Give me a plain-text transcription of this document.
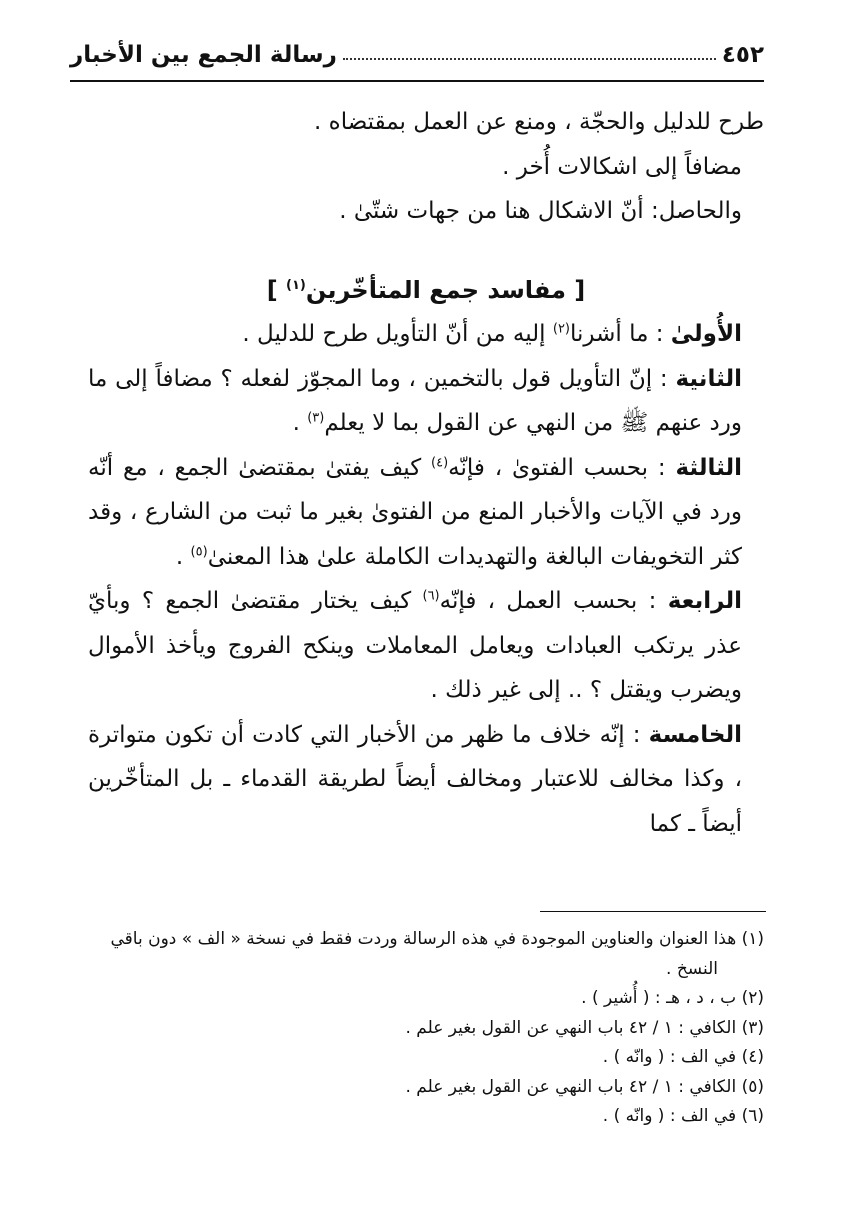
٤٥٢
رسالة الجمع بين الأخبار

طرح للدليل والحجّة ، ومنع عن العمل بمقتضاه .

مضافاً إلى اشكالات أُخر .

والحاصل: أنّ الاشكال هنا من جهات شتّىٰ .

[ مفاسد جمع المتأخّرين$^{(١)}$ ]

الأُولىٰ : ما أشرنا$^{(٢)}$ إليه من أنّ التأويل طرح للدليل .

الثانية : إنّ التأويل قول بالتخمين ، وما المجوّز لفعله ؟ مضافاً إلى ما ورد عنهم ﷺ من النهي عن القول بما لا يعلم$^{(٣)}$ .

الثالثة : بحسب الفتوىٰ ، فإنّه$^{(٤)}$ كيف يفتىٰ بمقتضىٰ الجمع ، مع أنّه ورد في الآيات والأخبار المنع من الفتوىٰ بغير ما ثبت من الشارع ، وقد كثر التخويفات البالغة والتهديدات الكاملة علىٰ هذا المعنىٰ$^{(٥)}$ .

الرابعة : بحسب العمل ، فإنّه$^{(٦)}$ كيف يختار مقتضىٰ الجمع ؟ وبأيّ عذر يرتكب العبادات ويعامل المعاملات وينكح الفروج ويأخذ الأموال ويضرب ويقتل ؟ .. إلى غير ذلك .

الخامسة : إنّه خلاف ما ظهر من الأخبار التي كادت أن تكون متواترة ، وكذا مخالف للاعتبار ومخالف أيضاً لطريقة القدماء ـ بل المتأخّرين أيضاً ـ كما

(١) هذا العنوان والعناوين الموجودة في هذه الرسالة وردت فقط في نسخة « الف » دون باقي

النسخ .

(٢) ب ، د ، هـ : ( أُشير ) .

(٣) الكافي : ١ / ٤٢ باب النهي عن القول بغير علم .

(٤) في الف : ( وانّه ) .

(٥) الكافي : ١ / ٤٢ باب النهي عن القول بغير علم .

(٦) في الف : ( وانّه ) .
